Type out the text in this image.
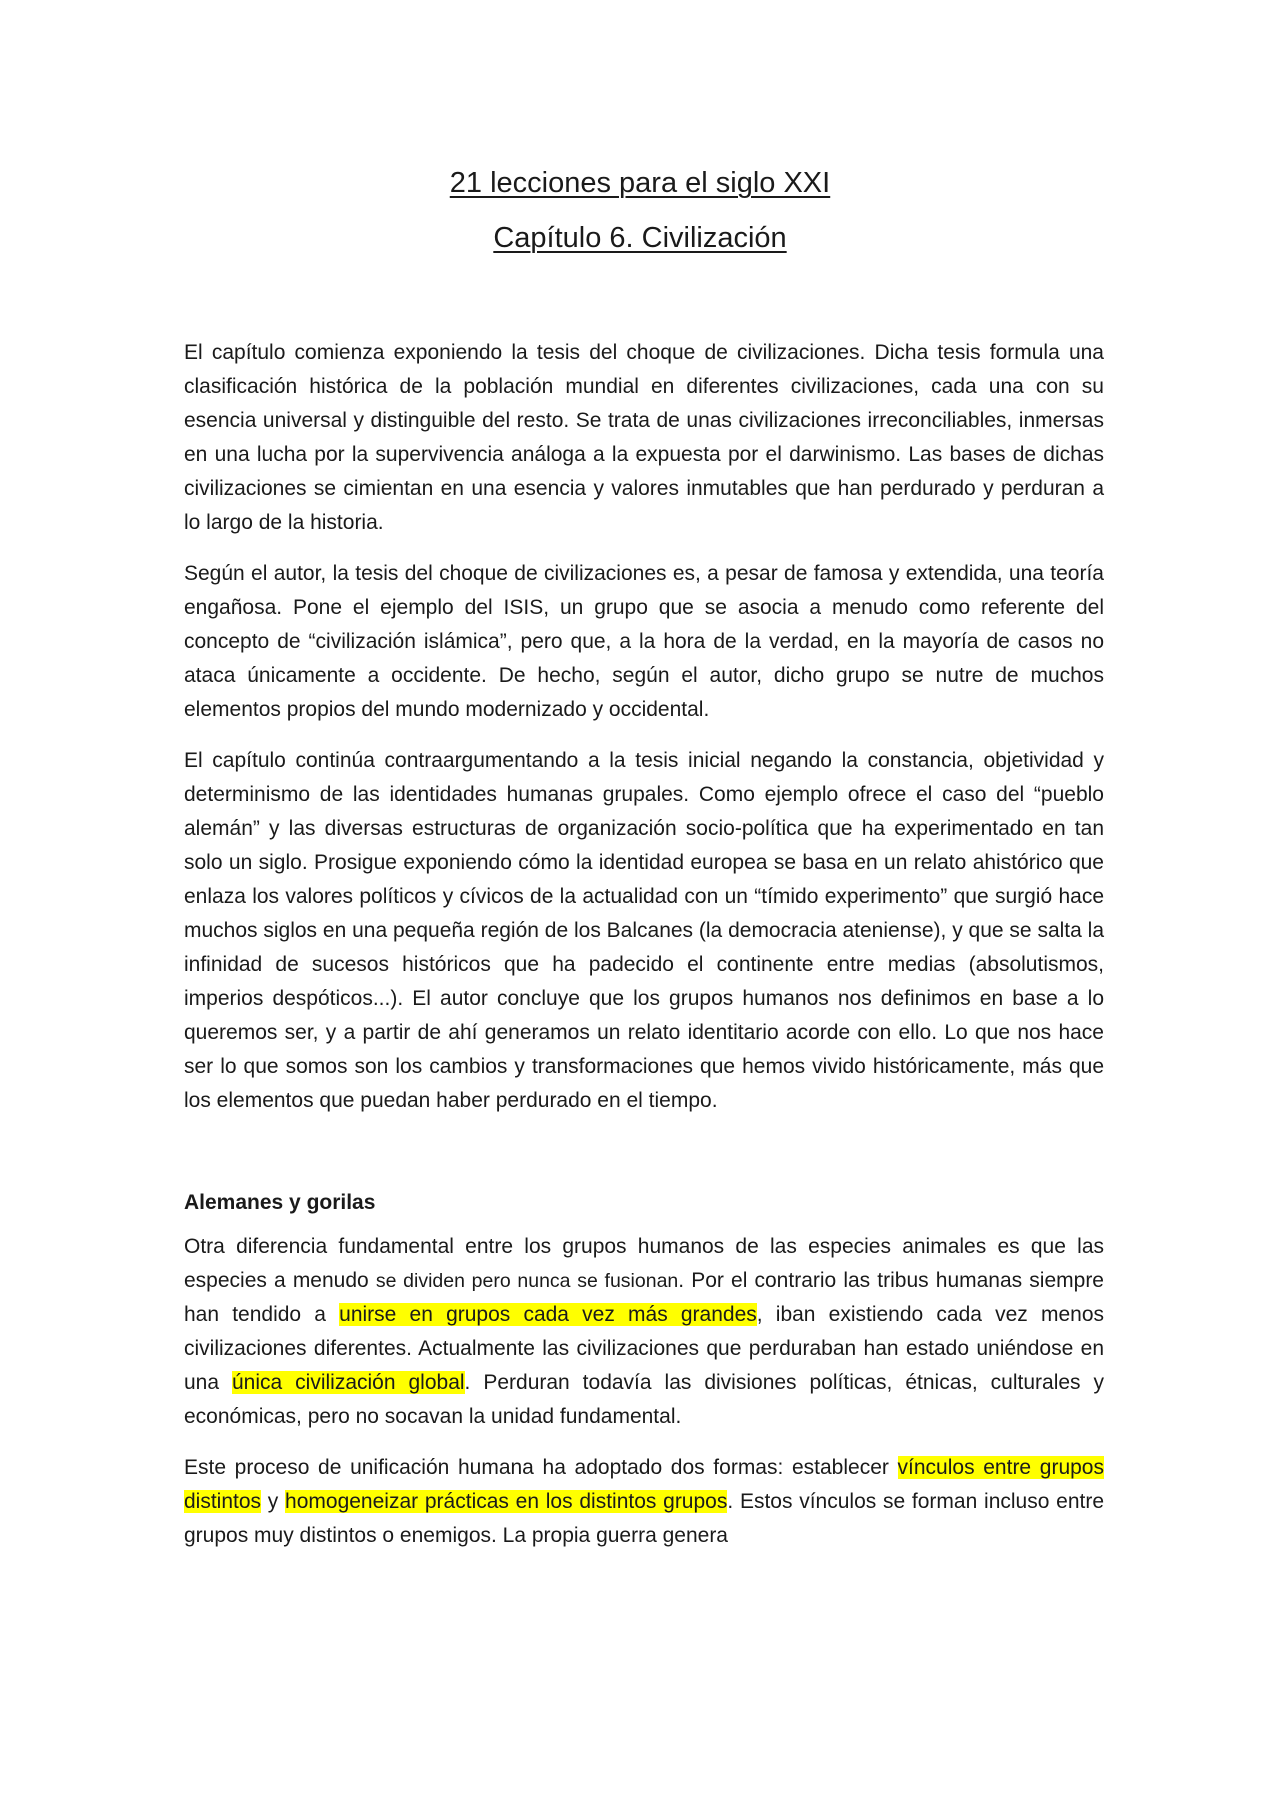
21 lecciones para el siglo XXI
Capítulo 6. Civilización

El capítulo comienza exponiendo la tesis del choque de civilizaciones. Dicha tesis formula una clasificación histórica de la población mundial en diferentes civilizaciones, cada una con su esencia universal y distinguible del resto. Se trata de unas civilizaciones irreconciliables, inmersas en una lucha por la supervivencia análoga a la expuesta por el darwinismo. Las bases de dichas civilizaciones se cimientan en una esencia y valores inmutables que han perdurado y perduran a lo largo de la historia.

Según el autor, la tesis del choque de civilizaciones es, a pesar de famosa y extendida, una teoría engañosa. Pone el ejemplo del ISIS, un grupo que se asocia a menudo como referente del concepto de “civilización islámica”, pero que, a la hora de la verdad, en la mayoría de casos no ataca únicamente a occidente. De hecho, según el autor, dicho grupo se nutre de muchos elementos propios del mundo modernizado y occidental.

El capítulo continúa contraargumentando a la tesis inicial negando la constancia, objetividad y determinismo de las identidades humanas grupales. Como ejemplo ofrece el caso del “pueblo alemán” y las diversas estructuras de organización socio-política que ha experimentado en tan solo un siglo. Prosigue exponiendo cómo la identidad europea se basa en un relato ahistórico que enlaza los valores políticos y cívicos de la actualidad con un “tímido experimento” que surgió hace muchos siglos en una pequeña región de los Balcanes (la democracia ateniense), y que se salta la infinidad de sucesos históricos que ha padecido el continente entre medias (absolutismos, imperios despóticos...). El autor concluye que los grupos humanos nos definimos en base a lo queremos ser, y a partir de ahí generamos un relato identitario acorde con ello. Lo que nos hace ser lo que somos son los cambios y transformaciones que hemos vivido históricamente, más que los elementos que puedan haber perdurado en el tiempo.

Alemanes y gorilas

Otra diferencia fundamental entre los grupos humanos de las especies animales es que las especies a menudo se dividen pero nunca se fusionan. Por el contrario las tribus humanas siempre han tendido a unirse en grupos cada vez más grandes, iban existiendo cada vez menos civilizaciones diferentes. Actualmente las civilizaciones que perduraban han estado uniéndose en una única civilización global. Perduran todavía las divisiones políticas, étnicas, culturales y económicas, pero no socavan la unidad fundamental.

Este proceso de unificación humana ha adoptado dos formas: establecer vínculos entre grupos distintos y homogeneizar prácticas en los distintos grupos. Estos vínculos se forman incluso entre grupos muy distintos o enemigos. La propia guerra genera
